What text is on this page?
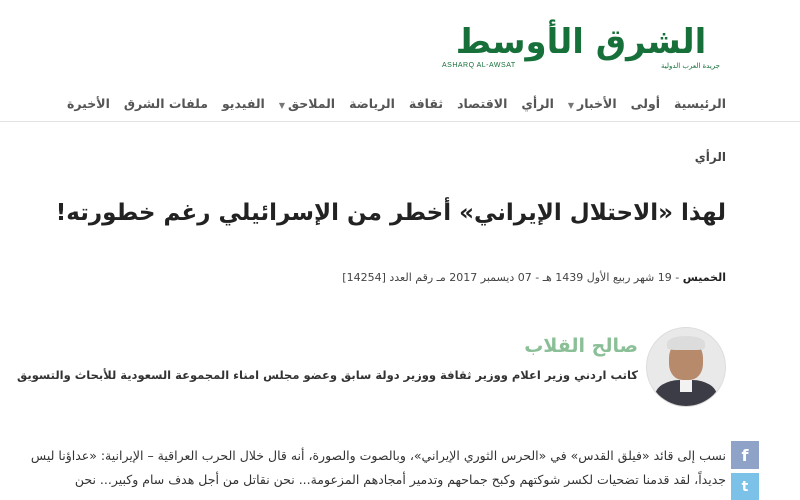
الشرق الأوسط
ASHARQ AL-AWSAT	جريدة العرب الدولية
الرئيسية
أولى
الأخبار▼
الرأي
الاقتصاد
ثقافة
الرياضة
الملاحق▼
الفيديو
ملفات الشرق
الأخيرة
الرأي
لهذا «الاحتلال الإيراني» أخطر من الإسرائيلي رغم خطورته!
الخميس - 19 شهر ربيع الأول 1439 هـ - 07 ديسمبر 2017 مـ رقم العدد [14254]
صالح القلاب
كاتب اردني وزير اعلام ووزير ثقافة ووزير دولة سابق وعضو مجلس امناء المجموعة السعودية للأبحاث والتسويق

نسب إلى قائد «فيلق القدس» في «الحرس الثوري الإيراني»، وبالصوت والصورة، أنه قال خلال الحرب العراقية – الإيرانية: «عداؤنا ليس

جديداً، لقد قدمنا تضحيات لكسر شوكتهم وكبح جماحهم وتدمير أمجادهم المزعومة... نحن نقاتل من أجل هدف سام وكبير... نحن

f
t
